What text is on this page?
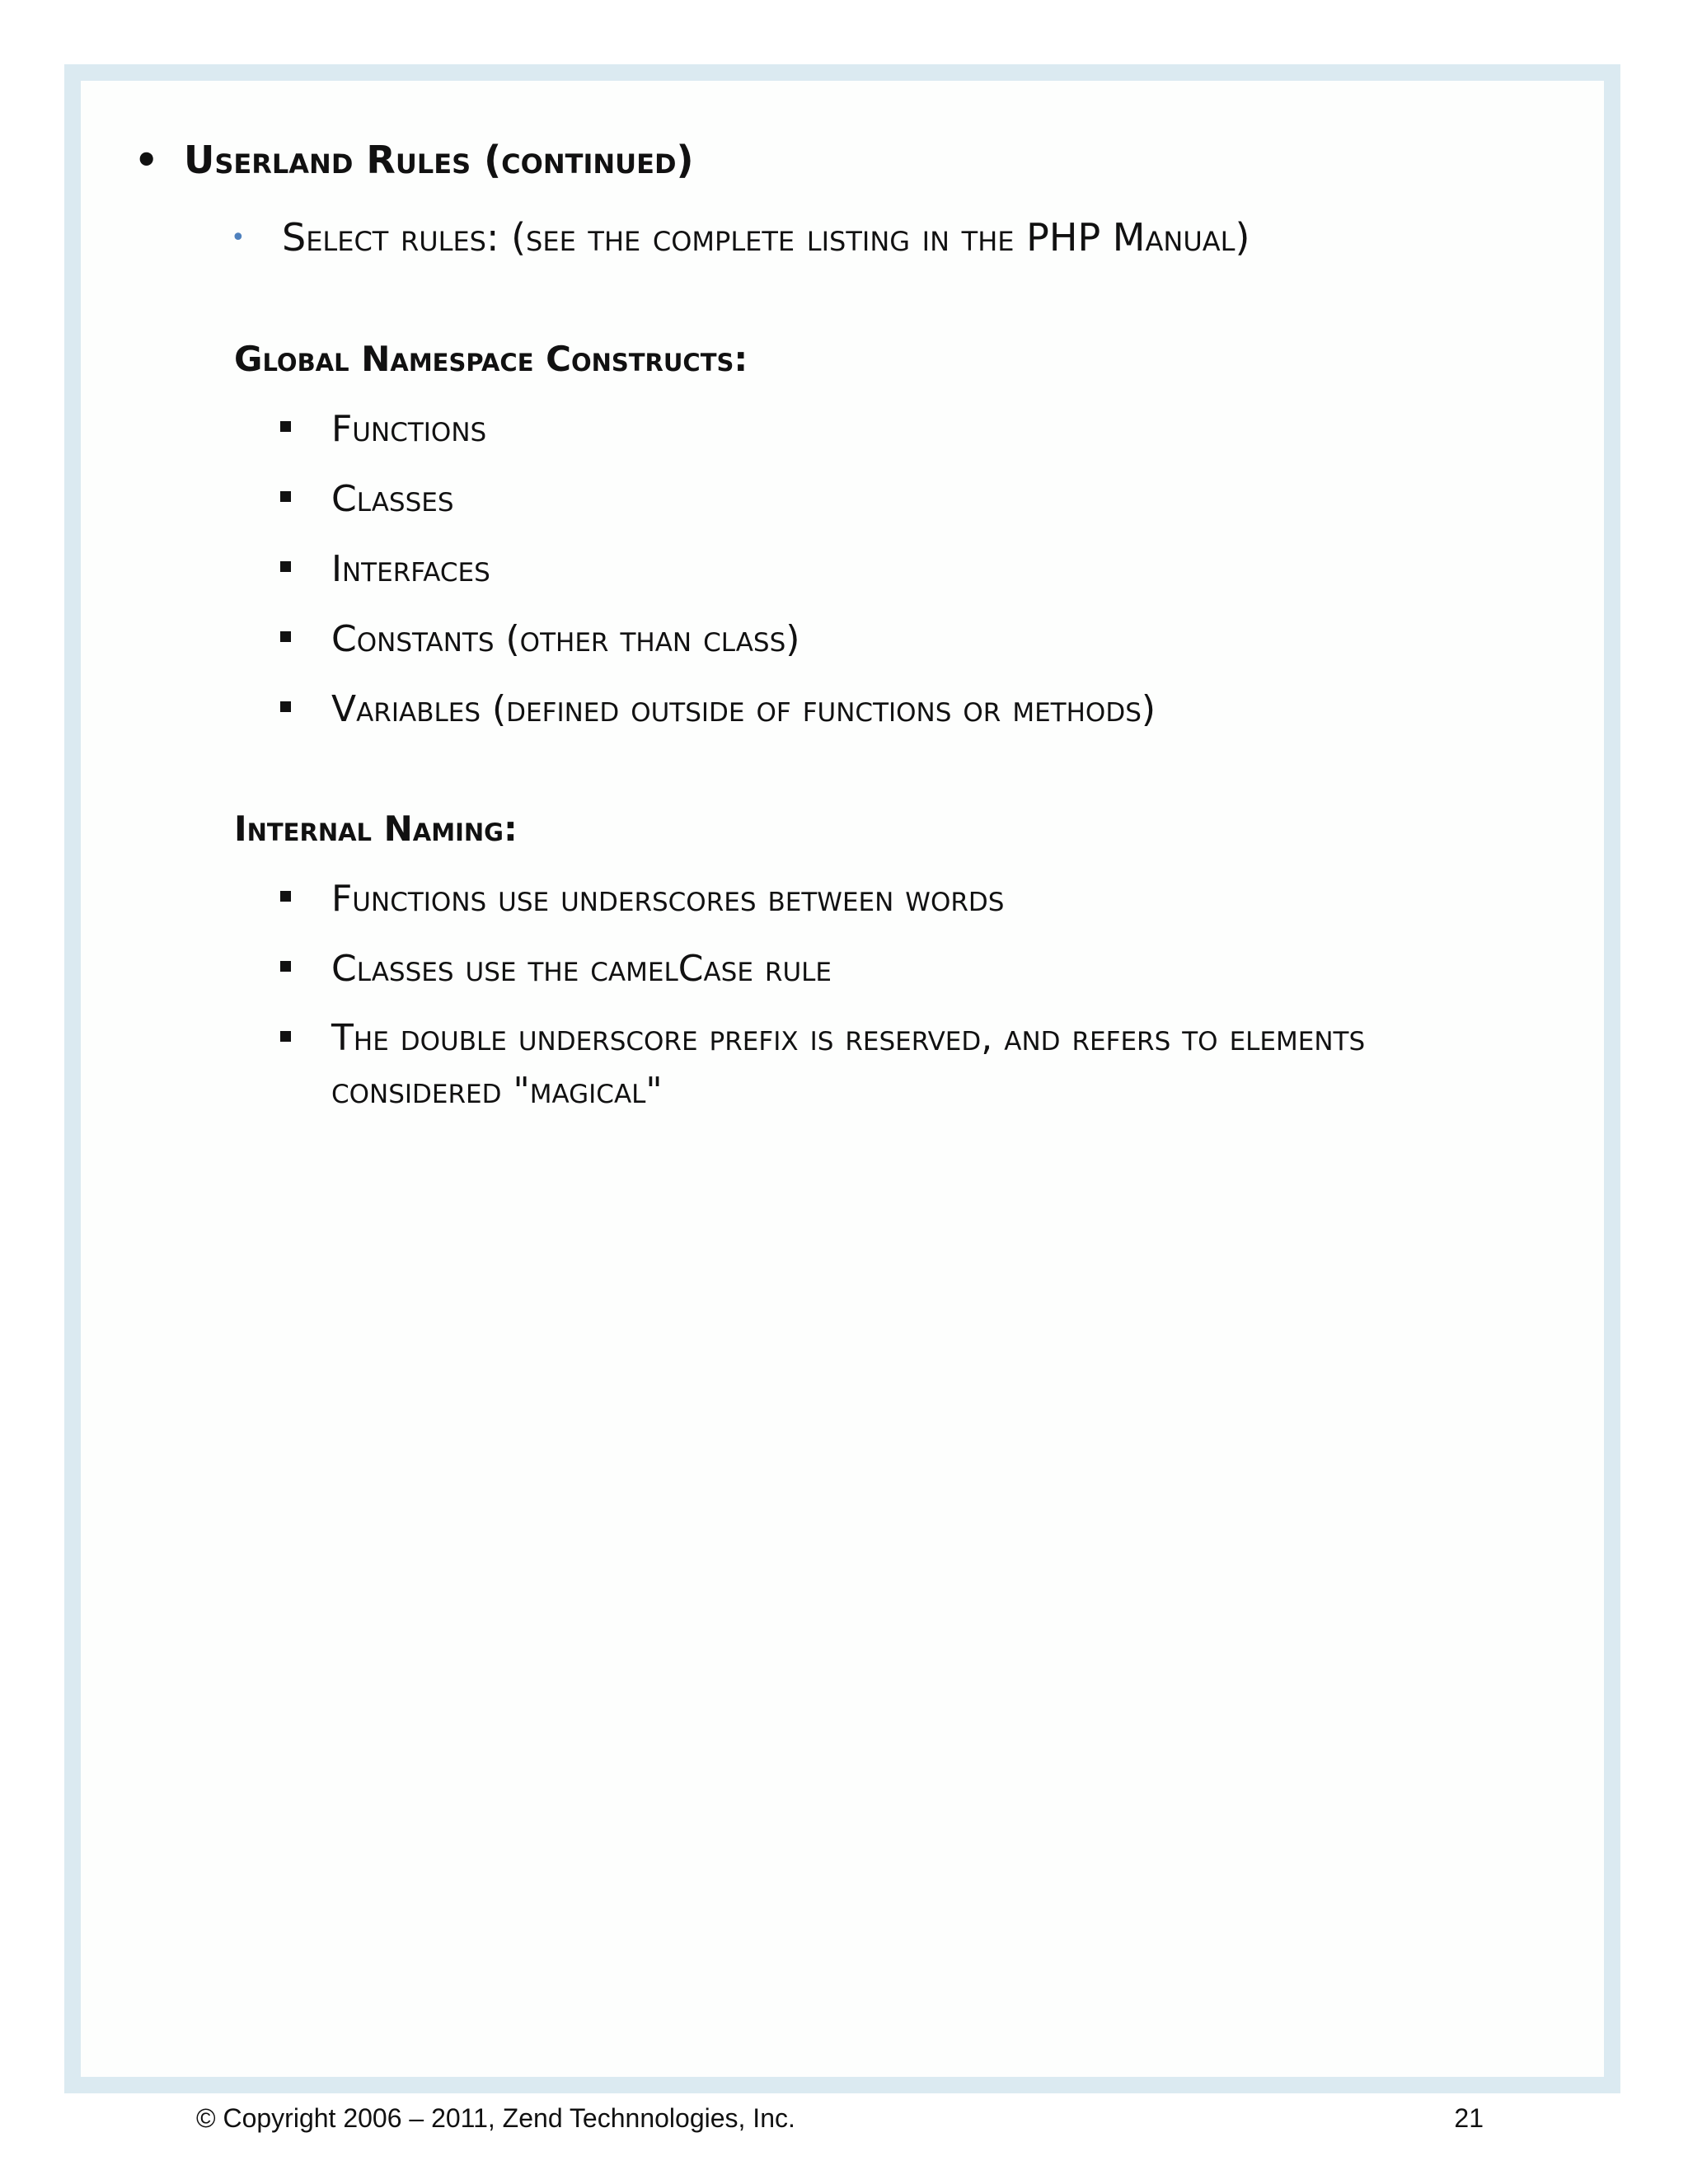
• Userland Rules (continued)
• Select rules: (see the complete listing in the PHP Manual)
Global Namespace Constructs:
Functions
Classes
Interfaces
Constants (other than class)
Variables (defined outside of functions or methods)
Internal Naming:
Functions use underscores between words
Classes use the camelCase rule
The double underscore prefix is reserved, and refers to elements considered "magical"
© Copyright 2006 – 2011, Zend Technnologies, Inc.	21
